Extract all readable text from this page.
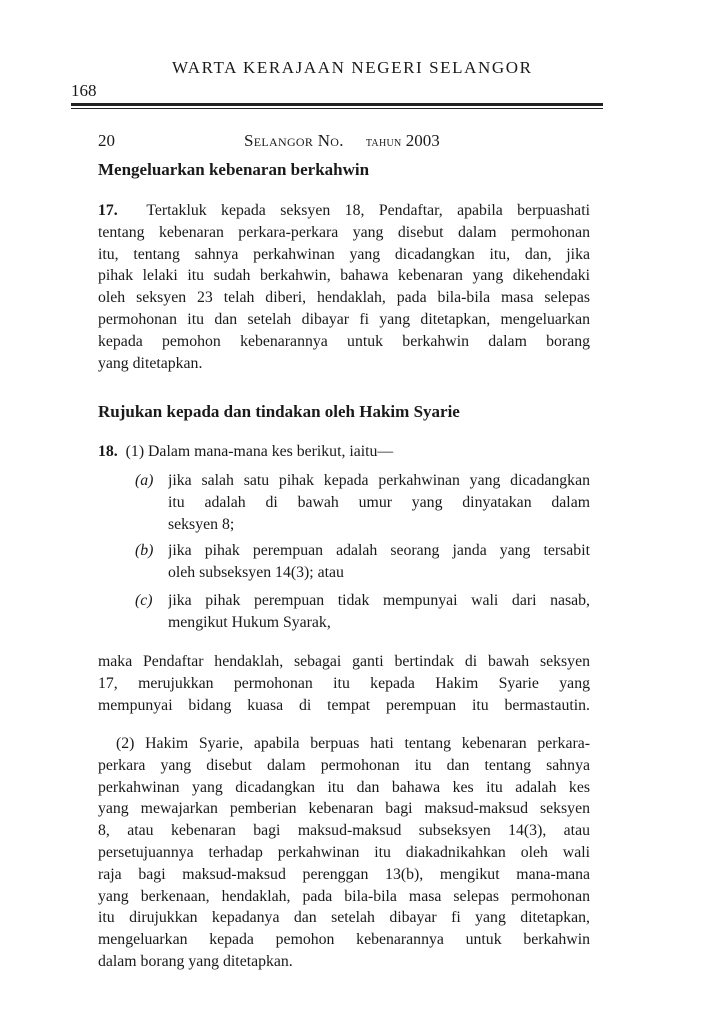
WARTA KERAJAAN NEGERI SELANGOR
168
20	Selangor No. tahun 2003
Mengeluarkan kebenaran berkahwin
17. Tertakluk kepada seksyen 18, Pendaftar, apabila berpuashati
tentang kebenaran perkara-perkara yang disebut dalam permohonan
itu, tentang sahnya perkahwinan yang dicadangkan itu, dan, jika
pihak lelaki itu sudah berkahwin, bahawa kebenaran yang dikehendaki
oleh seksyen 23 telah diberi, hendaklah, pada bila-bila masa selepas
permohonan itu dan setelah dibayar fi yang ditetapkan, mengeluarkan
kepada pemohon kebenarannya untuk berkahwin dalam borang
yang ditetapkan.
Rujukan kepada dan tindakan oleh Hakim Syarie
18. (1) Dalam mana-mana kes berikut, iaitu—
(a) jika salah satu pihak kepada perkahwinan yang dicadangkan
itu adalah di bawah umur yang dinyatakan dalam
seksyen 8;
(b) jika pihak perempuan adalah seorang janda yang tersabit
oleh subseksyen 14(3); atau
(c) jika pihak perempuan tidak mempunyai wali dari nasab,
mengikut Hukum Syarak,
maka Pendaftar hendaklah, sebagai ganti bertindak di bawah seksyen
17, merujukkan permohonan itu kepada Hakim Syarie yang
mempunyai bidang kuasa di tempat perempuan itu bermastautin.
(2) Hakim Syarie, apabila berpuas hati tentang kebenaran perkara-
perkara yang disebut dalam permohonan itu dan tentang sahnya
perkahwinan yang dicadangkan itu dan bahawa kes itu adalah kes
yang mewajarkan pemberian kebenaran bagi maksud-maksud seksyen
8, atau kebenaran bagi maksud-maksud subseksyen 14(3), atau
persetujuannya terhadap perkahwinan itu diakadnikahkan oleh wali
raja bagi maksud-maksud perenggan 13(b), mengikut mana-mana
yang berkenaan, hendaklah, pada bila-bila masa selepas permohonan
itu dirujukkan kepadanya dan setelah dibayar fi yang ditetapkan,
mengeluarkan kepada pemohon kebenarannya untuk berkahwin
dalam borang yang ditetapkan.
